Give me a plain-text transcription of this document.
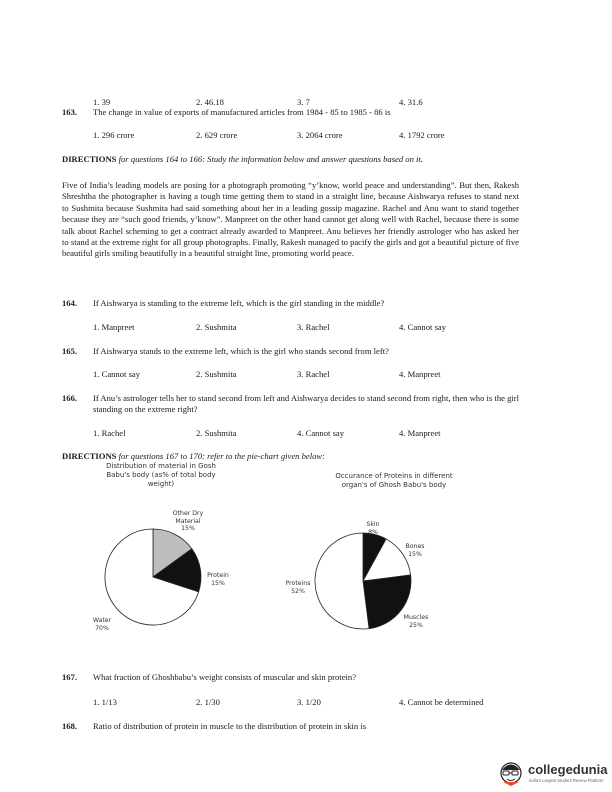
1. 39	2. 46.18	3. 7	4. 31.6
163. The change in value of exports of manufactured articles from 1984 - 85 to 1985 - 86 is
1. 296 crore	2. 629 crore	3. 2064 crore	4. 1792 crore
DIRECTIONS for questions 164 to 166: Study the information below and answer questions based on it.
Five of India’s leading models are posing for a photograph promoting “y’know, world peace and understanding”. But then, Rakesh Shreshtha the photographer is having a tough time getting them to stand in a straight line, because Aishwarya refuses to stand next to Sushmita because Sushmita had said something about her in a leading gossip magazine. Rachel and Anu want to stand together because they are “such good friends, y’know”. Manpreet on the other hand cannot get along well with Rachel, because there is some talk about Rachel scheming to get a contract already awarded to Manpreet. Anu believes her friendly astrologer who has asked her to stand at the extreme right for all group photographs. Finally, Rakesh managed to pacify the girls and got a beautiful picture of five beautiful girls smiling beautifully in a beautiful straight line, promoting world peace.
164. If Aishwarya is standing to the extreme left, which is the girl standing in the middle?
1. Manpreet	2. Sushmita	3. Rachel	4. Cannot say
165. If Aishwarya stands to the extreme left, which is the girl who stands second from left?
1. Cannot say	2. Sushmita	3. Rachel	4. Manpreet
166. If Anu’s astrologer tells her to stand second from left and Aishwarya decides to stand second from right, then who is the girl standing on the extreme right?
1. Rachel	2. Sushmita	4. Cannot say	4. Manpreet
DIRECTIONS for questions 167 to 170: refer to the pie-chart given below:
Distribution of material in Gosh Babu's body (as% of total body weight)
Other Dry Material 15%
Protein 15%
Water 70%
Occurance of Proteins in different organ's of Ghosh Babu's body
Skin 8%
Bones 15%
Proteins 52%
Muscles 25%
167. What fraction of Ghoshbabu’s weight consists of muscular and skin protein?
1. 1/13	2. 1/30	3. 1/20	4. Cannot be determined
168. Ratio of distribution of protein in muscle to the distribution of protein in skin is
collegedunia
India's Largest Student Review Platform
